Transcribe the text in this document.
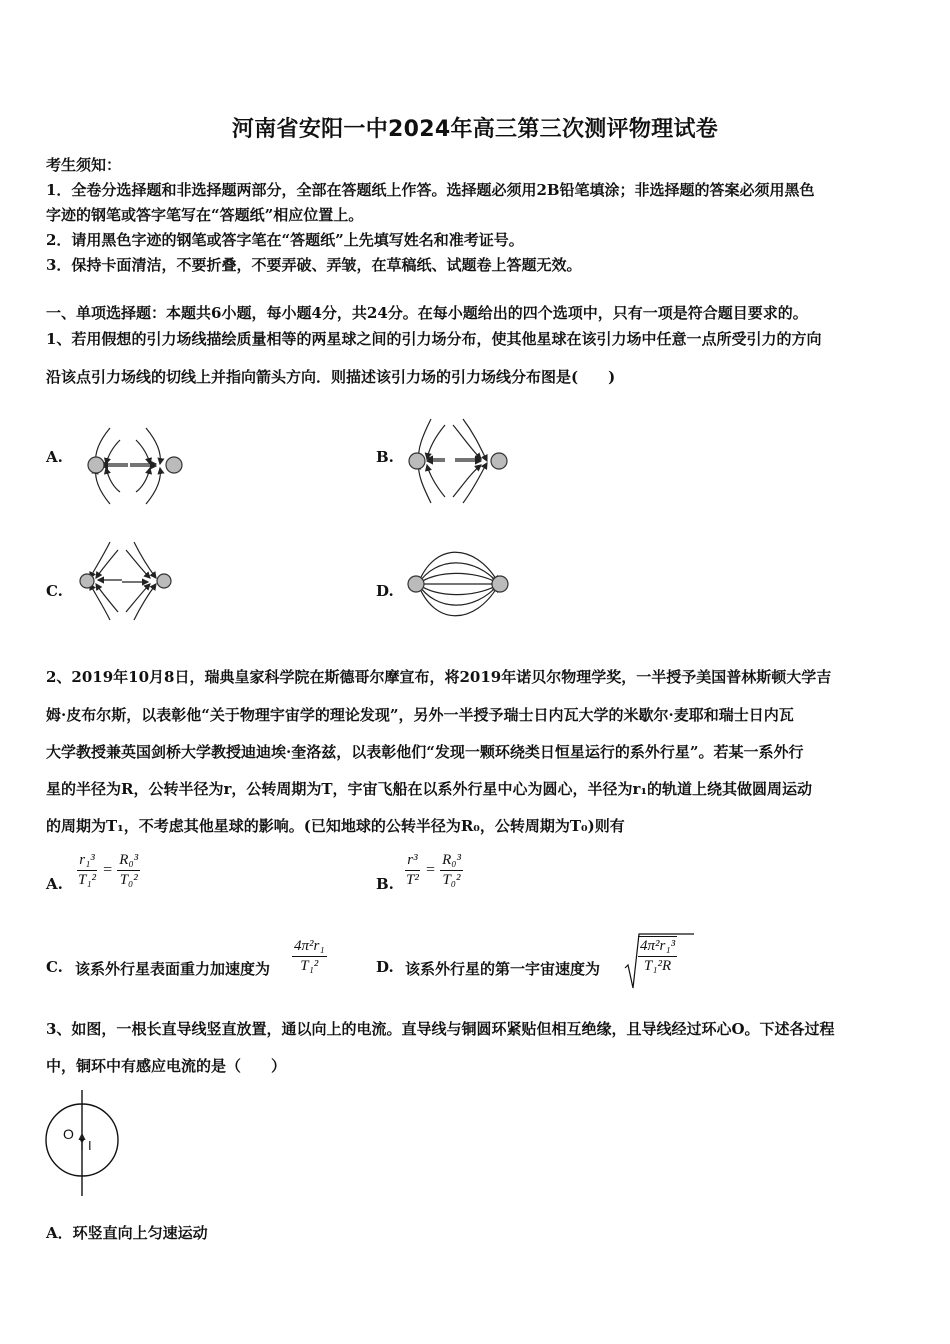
河南省安阳一中2024年高三第三次测评物理试卷
考生须知：
1．全卷分选择题和非选择题两部分，全部在答题纸上作答。选择题必须用2B铅笔填涂；非选择题的答案必须用黑色
字迹的钢笔或答字笔写在“答题纸”相应位置上。
2．请用黑色字迹的钢笔或答字笔在“答题纸”上先填写姓名和准考证号。
3．保持卡面清洁，不要折叠，不要弄破、弄皱，在草稿纸、试题卷上答题无效。
一、单项选择题：本题共6小题，每小题4分，共24分。在每小题给出的四个选项中，只有一项是符合题目要求的。
1、若用假想的引力场线描绘质量相等的两星球之间的引力场分布，使其他星球在该引力场中任意一点所受引力的方向
沿该点引力场线的切线上并指向箭头方向．则描述该引力场的引力场线分布图是(　　)
A.	B.
C.	D.
2、2019年10月8日，瑞典皇家科学院在斯德哥尔摩宣布，将2019年诺贝尔物理学奖，一半授予美国普林斯顿大学吉
姆·皮布尔斯，以表彰他“关于物理宇宙学的理论发现”，另外一半授予瑞士日内瓦大学的米歇尔·麦耶和瑞士日内瓦
大学教授兼英国剑桥大学教授迪迪埃·奎洛兹，以表彰他们“发现一颗环绕类日恒星运行的系外行星”。若某一系外行
星的半径为R，公转半径为r，公转周期为T，宇宙飞船在以系外行星中心为圆心，半径为r₁的轨道上绕其做圆周运动
的周期为T₁，不考虑其他星球的影响。(已知地球的公转半径为R₀，公转周期为T₀)则有
A. $\frac{\text{r₁³}}{\text{T₁²}} = \frac{\text{R₀³}}{\text{T₀²}}$	B. $\frac{\text{r³}}{\text{T²}} = \frac{\text{R₀³}}{\text{T₀²}}$
C. 该系外行星表面重力加速度为 $\frac{\text{4π²r₁}}{\text{T₁²}}$	D. 该系外行星的第一宇宙速度为	$\frac{\text{4π²r₁³}}{\text{T₁²R}}$
3、如图，一根长直导线竖直放置，通以向上的电流。直导线与铜圆环紧贴但相互绝缘，且导线经过环心O。下述各过程
中，铜环中有感应电流的是（　　）
O
I
A．环竖直向上匀速运动
